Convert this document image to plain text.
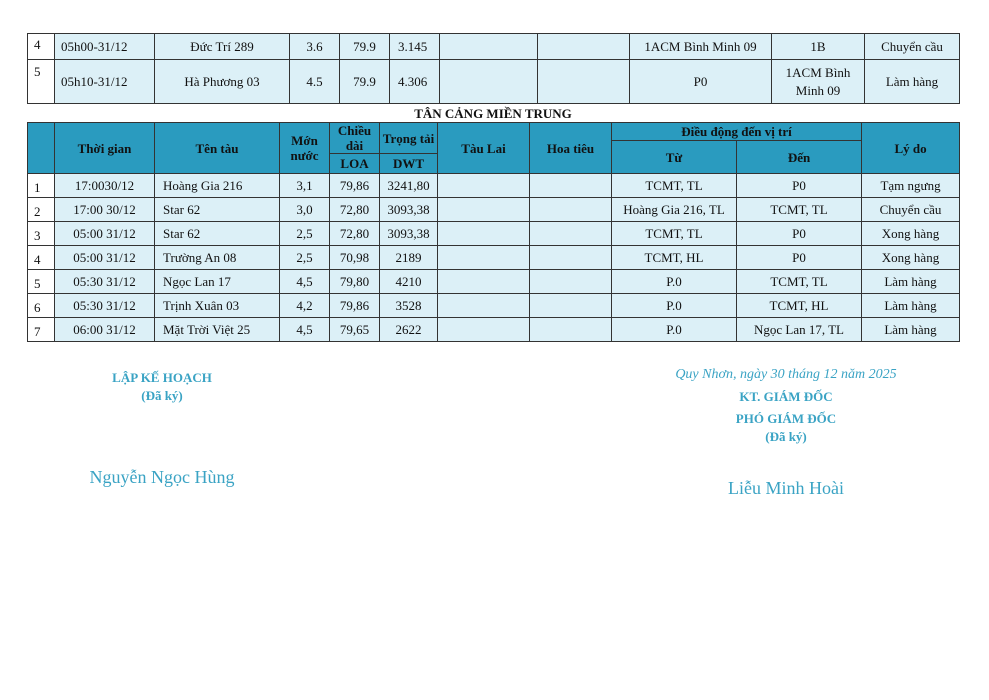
4	05h00-31/12	Đức Trí 289	3.6	79.9	3.145			1ACM Bình Minh 09	1B	Chuyển cầu
5	05h10-31/12	Hà Phương 03	4.5	79.9	4.306			P0	1ACM Bình Minh 09	Làm hàng
TÂN CẢNG MIỀN TRUNG
	Thời gian	Tên tàu	Mớn nước	Chiều dài	Trọng tải	Tàu Lai	Hoa tiêu	Điều động đến vị trí		Lý do
								Từ	Đến	
				LOA	DWT					
1	17:0030/12	Hoàng Gia 216	3,1	79,86	3241,80			TCMT, TL	P0	Tạm ngưng
2	17:00 30/12	Star 62	3,0	72,80	3093,38			Hoàng Gia 216, TL	TCMT, TL	Chuyển cầu
3	05:00 31/12	Star 62	2,5	72,80	3093,38			TCMT, TL	P0	Xong hàng
4	05:00 31/12	Trường An 08	2,5	70,98	2189			TCMT, HL	P0	Xong hàng
5	05:30 31/12	Ngọc Lan 17	4,5	79,80	4210			P.0	TCMT, TL	Làm hàng
6	05:30 31/12	Trịnh Xuân 03	4,2	79,86	3528			P.0	TCMT, HL	Làm hàng
7	06:00 31/12	Mặt Trời Việt 25	4,5	79,65	2622			P.0	Ngọc Lan 17, TL	Làm hàng
LẬP KẾ HOẠCH
(Đã ký)
Nguyễn Ngọc Hùng
Quy Nhơn, ngày 30 tháng 12 năm 2025
KT. GIÁM ĐỐC
PHÓ GIÁM ĐỐC
(Đã ký)
Liễu Minh Hoài
